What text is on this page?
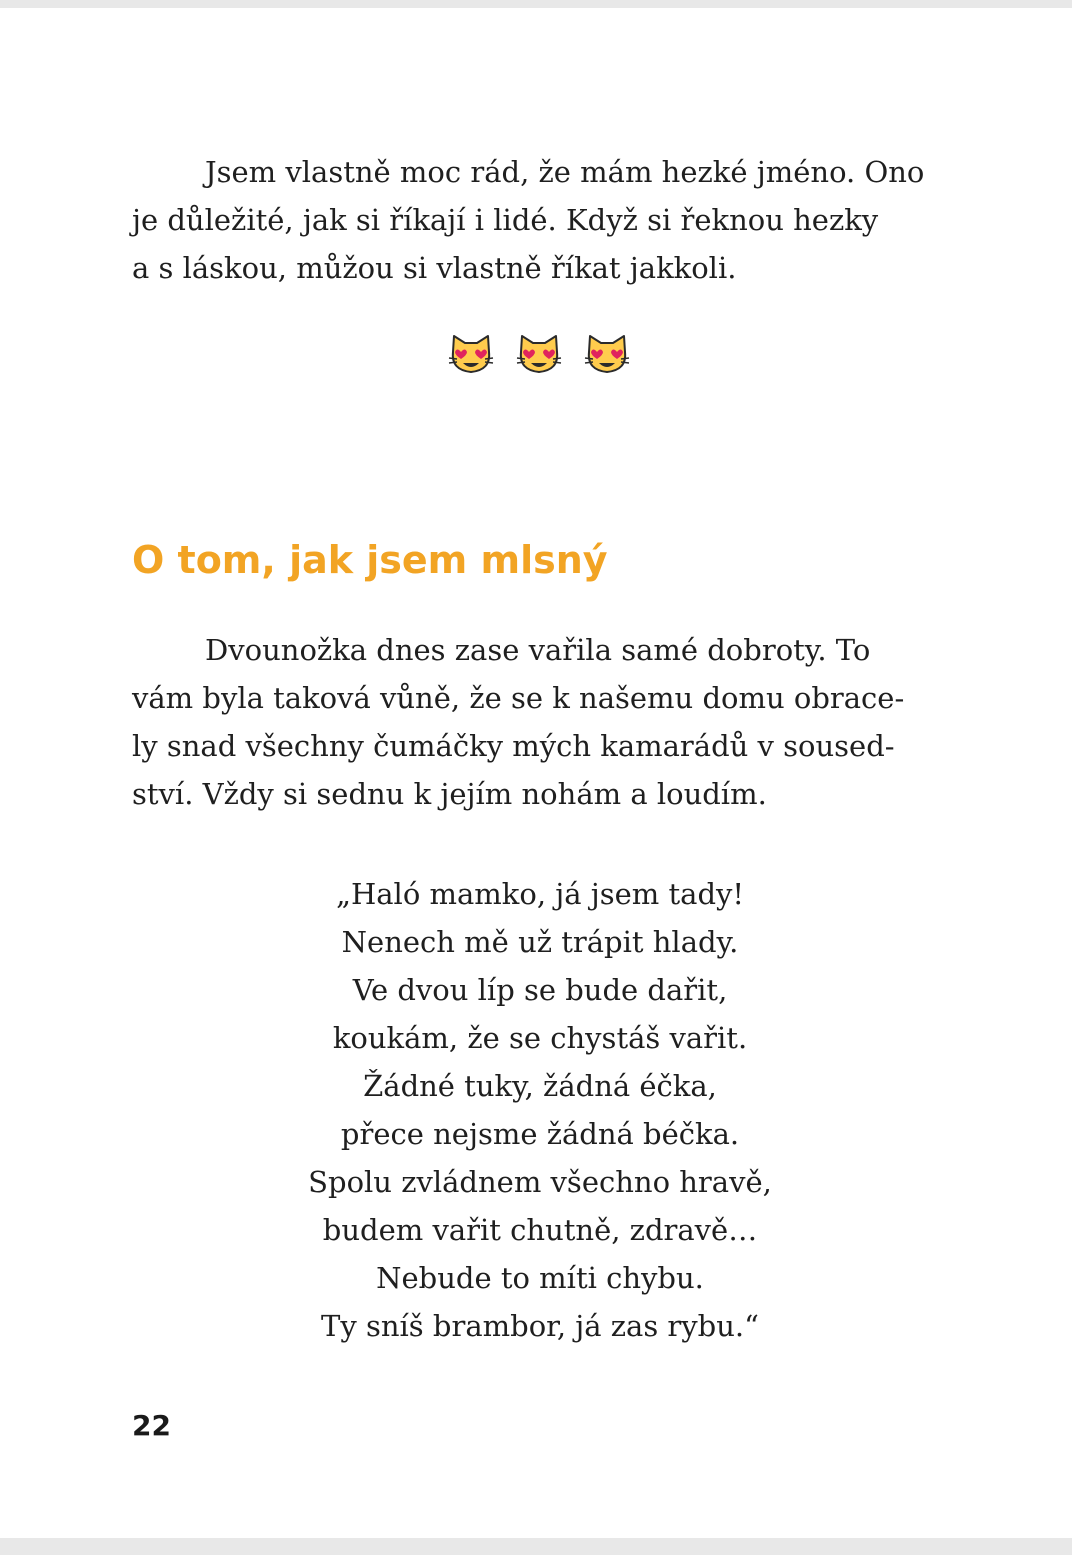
Jsem vlastně moc rád, že mám hezké jméno. Ono
je důležité, jak si říkají i lidé. Když si řeknou hezky
a s láskou, můžou si vlastně říkat jakkoli.

O tom, jak jsem mlsný

Dvounožka dnes zase vařila samé dobroty. To
vám byla taková vůně, že se k našemu domu obrace-
ly snad všechny čumáčky mých kamarádů v soused-
ství. Vždy si sednu k jejím nohám a loudím.

„Haló mamko, já jsem tady!
Nenech mě už trápit hlady.
Ve dvou líp se bude dařit,
koukám, že se chystáš vařit.
Žádné tuky, žádná éčka,
přece nejsme žádná béčka.
Spolu zvládnem všechno hravě,
budem vařit chutně, zdravě…
Nebude to míti chybu.
Ty sníš brambor, já zas rybu.“
22
